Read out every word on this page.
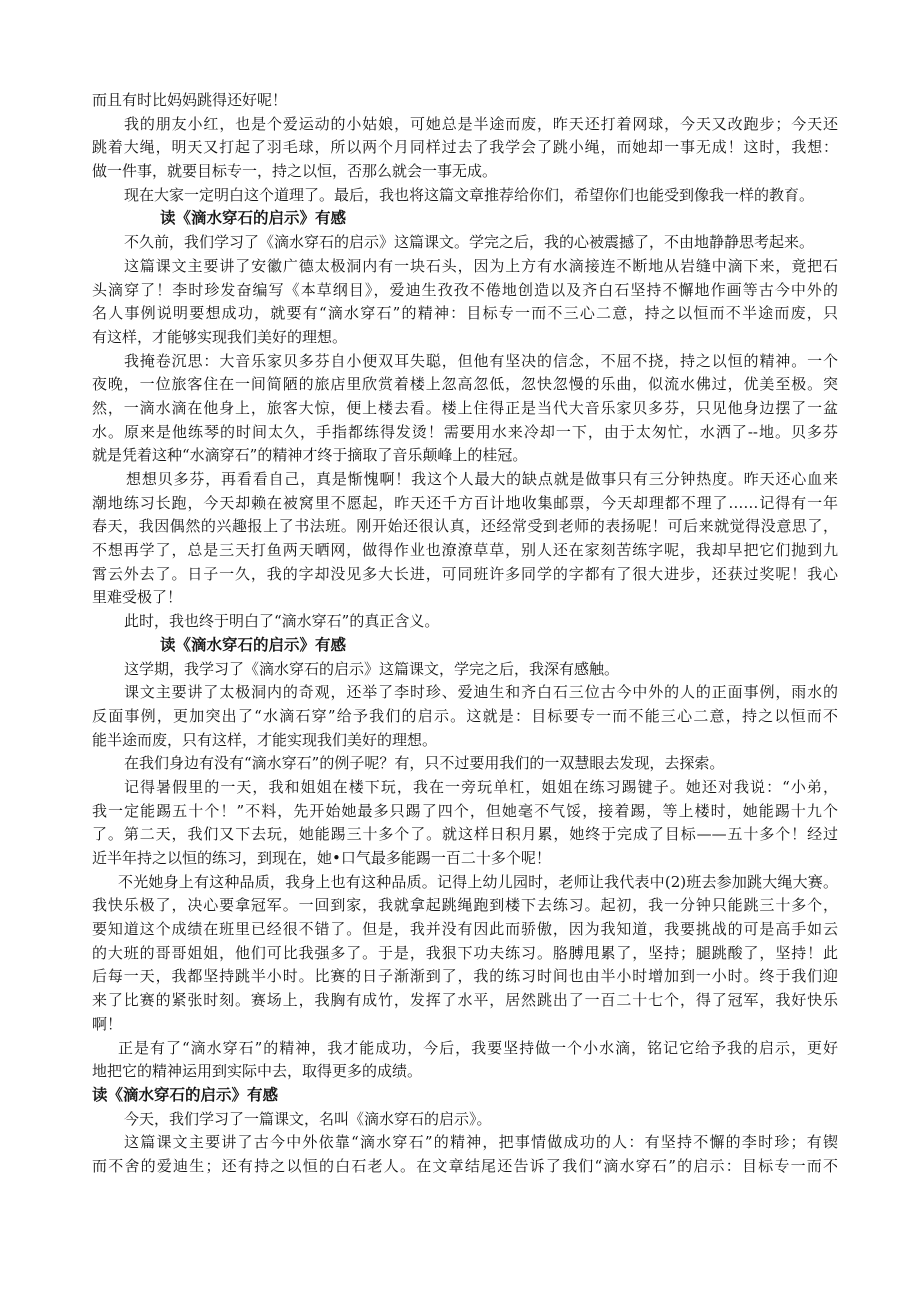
而且有时比妈妈跳得还好呢！
我的朋友小红，也是个爱运动的小姑娘，可她总是半途而废，昨天还打着网球，今天又改跑步；今天还
跳着大绳，明天又打起了羽毛球，所以两个月同样过去了我学会了跳小绳，而她却一事无成！这时，我想：
做一件事，就要目标专一，持之以恒，否那么就会一事无成。
现在大家一定明白这个道理了。最后，我也将这篇文章推荐给你们，希望你们也能受到像我一样的教育。
读《滴水穿石的启示》有感
不久前，我们学习了《滴水穿石的启示》这篇课文。学完之后，我的心被震撼了，不由地静静思考起来。
这篇课文主要讲了安徽广德太极洞内有一块石头，因为上方有水滴接连不断地从岩缝中滴下来，竟把石
头滴穿了！李时珍发奋编写《本草纲目》，爱迪生孜孜不倦地创造以及齐白石坚持不懈地作画等古今中外的
名人事例说明要想成功，就要有“滴水穿石”的精神：目标专一而不三心二意，持之以恒而不半途而废，只
有这样，才能够实现我们美好的理想。
我掩卷沉思：大音乐家贝多芬自小便双耳失聪，但他有坚决的信念，不屈不挠，持之以恒的精神。一个
夜晚，一位旅客住在一间简陋的旅店里欣赏着楼上忽高忽低，忽快忽慢的乐曲，似流水佛过，优美至极。突
然，一滴水滴在他身上，旅客大惊，便上楼去看。楼上住得正是当代大音乐家贝多芬，只见他身边摆了一盆
水。原来是他练琴的时间太久，手指都练得发烫！需要用水来冷却一下，由于太匆忙，水洒了--地。贝多芬
就是凭着这种“水滴穿石”的精神才终于摘取了音乐颠峰上的桂冠。
想想贝多芬，再看看自己，真是惭愧啊！我这个人最大的缺点就是做事只有三分钟热度。昨天还心血来
潮地练习长跑，今天却赖在被窝里不愿起，昨天还千方百计地收集邮票，今天却理都不理了……记得有一年
春天，我因偶然的兴趣报上了书法班。刚开始还很认真，还经常受到老师的表扬呢！可后来就觉得没意思了，
不想再学了，总是三天打鱼两天晒网，做得作业也潦潦草草，别人还在家刻苦练字呢，我却早把它们抛到九
霄云外去了。日子一久，我的字却没见多大长进，可同班许多同学的字都有了很大进步，还获过奖呢！我心
里难受极了！
此时，我也终于明白了“滴水穿石”的真正含义。
读《滴水穿石的启示》有感
这学期，我学习了《滴水穿石的启示》这篇课文，学完之后，我深有感触。
课文主要讲了太极洞内的奇观，还举了李时珍、爱迪生和齐白石三位古今中外的人的正面事例，雨水的
反面事例，更加突出了“水滴石穿”给予我们的启示。这就是：目标要专一而不能三心二意，持之以恒而不
能半途而废，只有这样，才能实现我们美好的理想。
在我们身边有没有“滴水穿石”的例子呢？有，只不过要用我们的一双慧眼去发现，去探索。
记得暑假里的一天，我和姐姐在楼下玩，我在一旁玩单杠，姐姐在练习踢键子。她还对我说：“小弟，
我一定能踢五十个！”不料，先开始她最多只踢了四个，但她毫不气馁，接着踢，等上楼时，她能踢十九个
了。第二天，我们又下去玩，她能踢三十多个了。就这样日积月累，她终于完成了目标——五十多个！经过
近半年持之以恒的练习，到现在，她•口气最多能踢一百二十多个呢！
不光她身上有这种品质，我身上也有这种品质。记得上幼儿园时，老师让我代表中(2)班去参加跳大绳大赛。
我快乐极了，决心要拿冠军。一回到家，我就拿起跳绳跑到楼下去练习。起初，我一分钟只能跳三十多个，
要知道这个成绩在班里已经很不错了。但是，我并没有因此而骄傲，因为我知道，我要挑战的可是高手如云
的大班的哥哥姐姐，他们可比我强多了。于是，我狠下功夫练习。胳膊甩累了，坚持；腿跳酸了，坚持！此
后每一天，我都坚持跳半小时。比赛的日子渐渐到了，我的练习时间也由半小时增加到一小时。终于我们迎
来了比赛的紧张时刻。赛场上，我胸有成竹，发挥了水平，居然跳出了一百二十七个，得了冠军，我好快乐
啊！
正是有了“滴水穿石”的精神，我才能成功，今后，我要坚持做一个小水滴，铭记它给予我的启示，更好
地把它的精神运用到实际中去，取得更多的成绩。
读《滴水穿石的启示》有感
今天，我们学习了一篇课文，名叫《滴水穿石的启示》。
这篇课文主要讲了古今中外依靠“滴水穿石”的精神，把事情做成功的人：有坚持不懈的李时珍；有锲
而不舍的爱迪生；还有持之以恒的白石老人。在文章结尾还告诉了我们“滴水穿石”的启示：目标专一而不
